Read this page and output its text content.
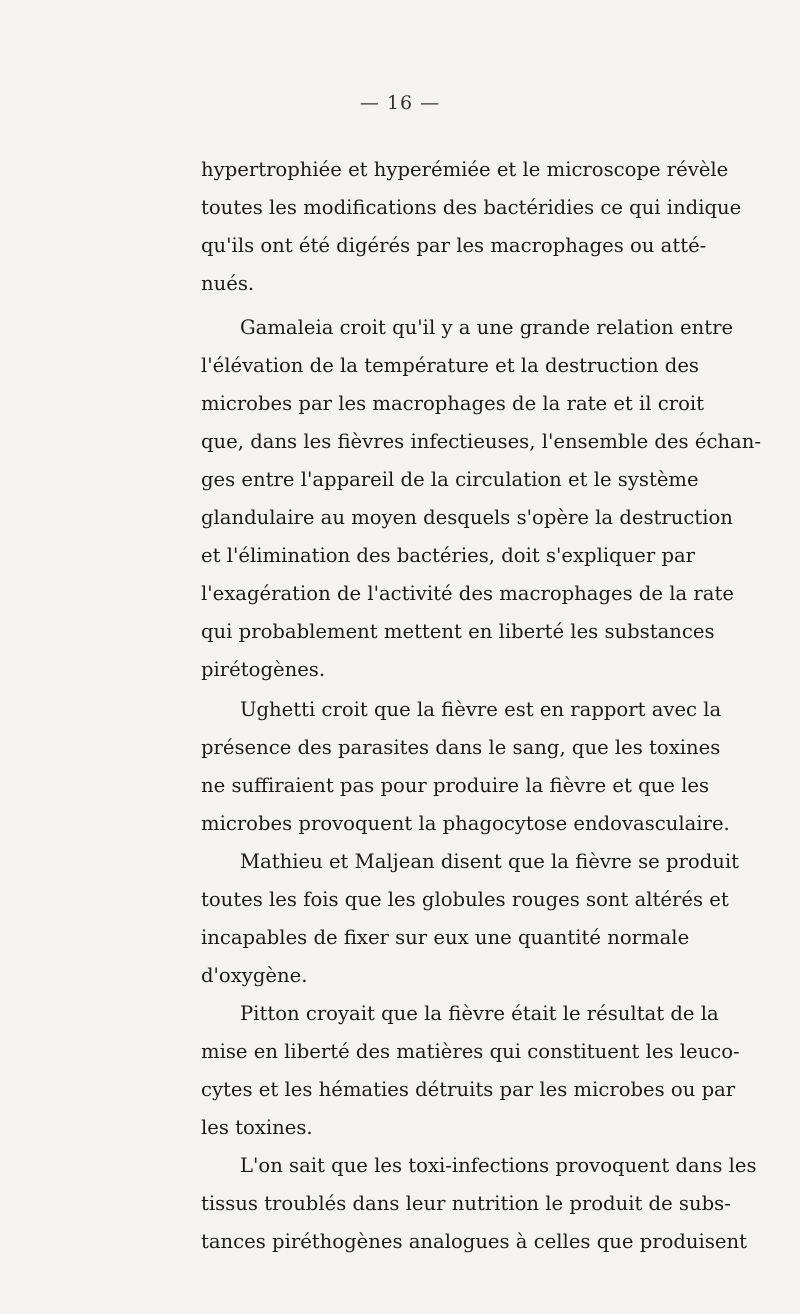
— 16 —
hypertrophiée et hyperémiée et le microscope révèle
toutes les modifications des bactéridies ce qui indique
qu'ils ont été digérés par les macrophages ou atté-
nués.
Gamaleia croit qu'il y a une grande relation entre
l'élévation de la température et la destruction des
microbes par les macrophages de la rate et il croit
que, dans les fièvres infectieuses, l'ensemble des échan-
ges entre l'appareil de la circulation et le système
glandulaire au moyen desquels s'opère la destruction
et l'élimination des bactéries, doit s'expliquer par
l'exagération de l'activité des macrophages de la rate
qui probablement mettent en liberté les substances
pirétogènes.
Ughetti croit que la fièvre est en rapport avec la
présence des parasites dans le sang, que les toxines
ne suffiraient pas pour produire la fièvre et que les
microbes provoquent la phagocytose endovasculaire.
Mathieu et Maljean disent que la fièvre se produit
toutes les fois que les globules rouges sont altérés et
incapables de fixer sur eux une quantité normale
d'oxygène.
Pitton croyait que la fièvre était le résultat de la
mise en liberté des matières qui constituent les leuco-
cytes et les hématies détruits par les microbes ou par
les toxines.
L'on sait que les toxi-infections provoquent dans les
tissus troublés dans leur nutrition le produit de subs-
tances piréthogènes analogues à celles que produisent
